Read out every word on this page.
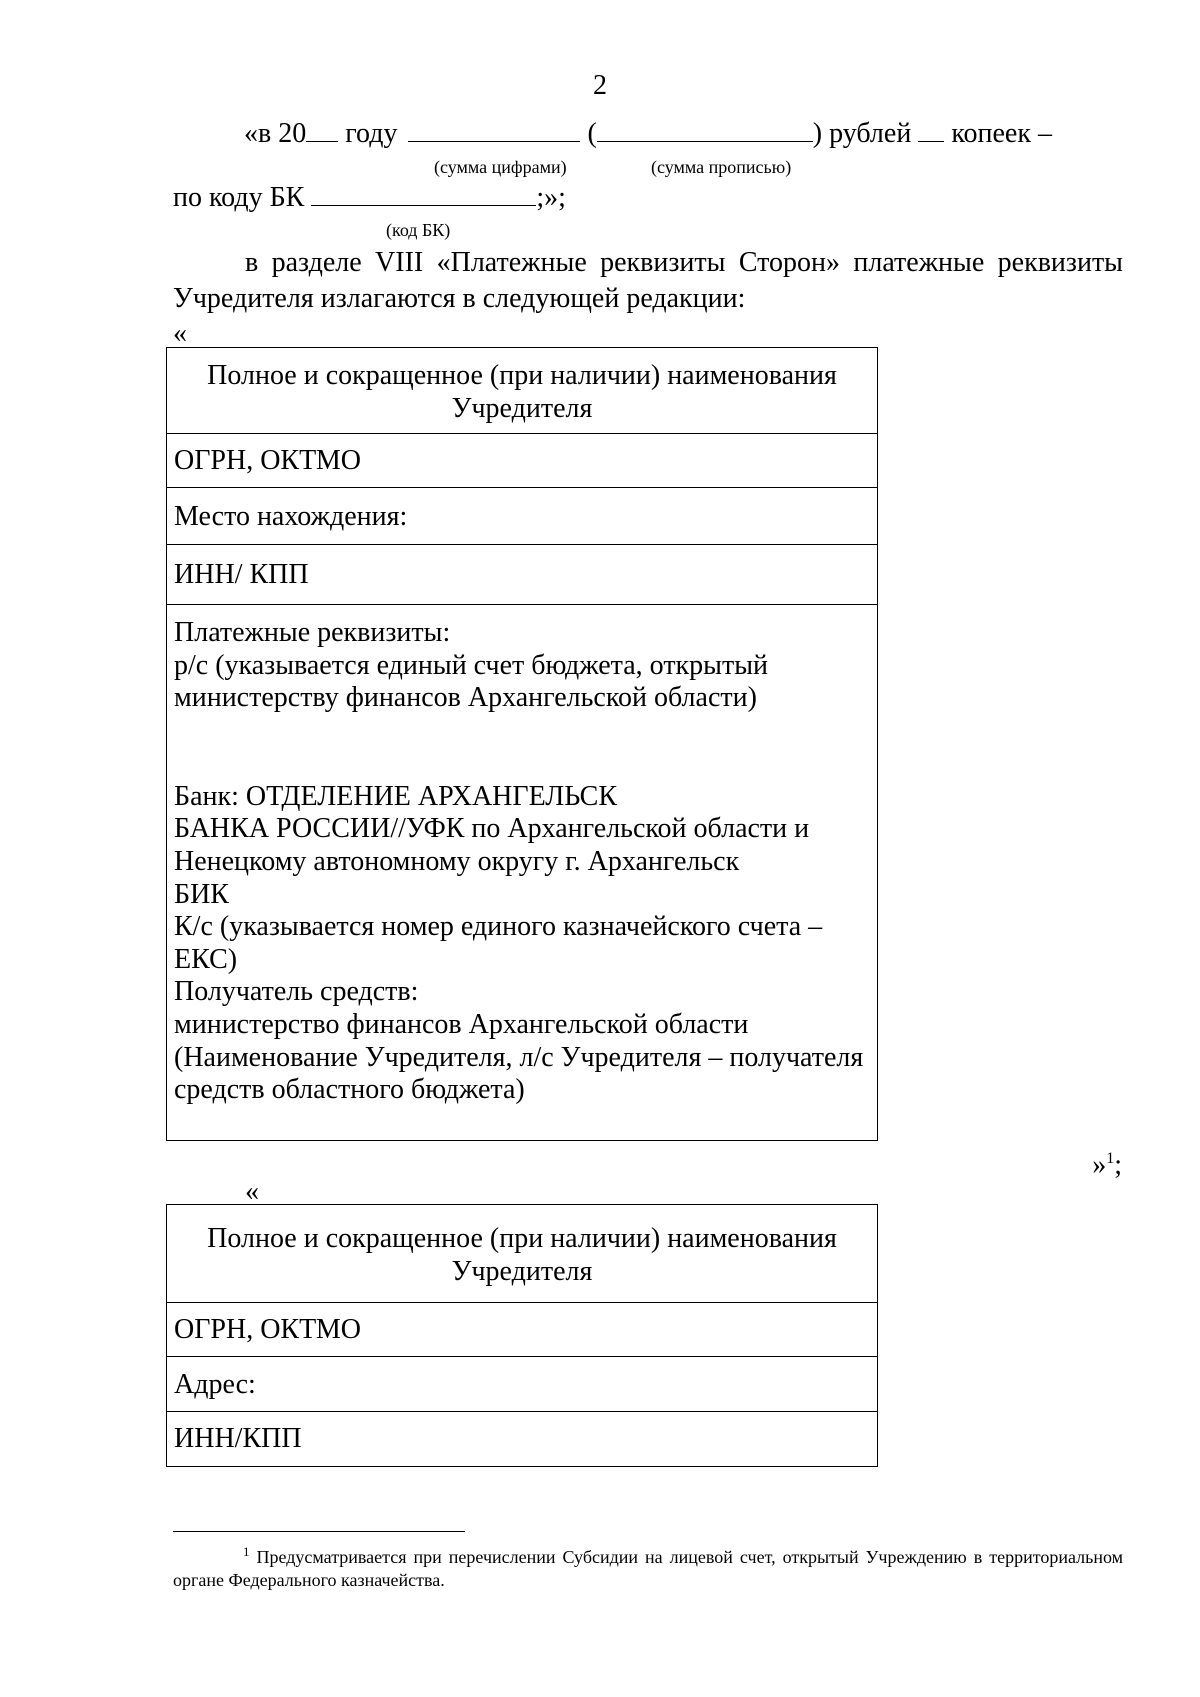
2
«в 20 году	(	) рублей копеек –
(сумма цифрами)	(сумма прописью)
по коду БК	;»;
(код БК)
в разделе VIII «Платежные реквизиты Сторон» платежные реквизиты Учредителя излагаются в следующей редакции:
«
Полное и сокращенное (при наличии) наименования Учредителя
ОГРН, ОКТМО
Место нахождения:
ИНН/ КПП
Платежные реквизиты:
р/с (указывается единый счет бюджета, открытый министерству финансов Архангельской области)
Банк: ОТДЕЛЕНИЕ АРХАНГЕЛЬСК
БАНКА РОССИИ//УФК по Архангельской области и Ненецкому автономному округу г. Архангельск
БИК
К/с (указывается номер единого казначейского счета – ЕКС)
Получатель средств:
министерство финансов Архангельской области
(Наименование Учредителя, л/с Учредителя – получателя средств областного бюджета)
»$^1$;
«
Полное и сокращенное (при наличии) наименования Учредителя
ОГРН, ОКТМО
Адрес:
ИНН/КПП
$^1$ Предусматривается при перечислении Субсидии на лицевой счет, открытый Учреждению в территориальном органе Федерального казначейства.
